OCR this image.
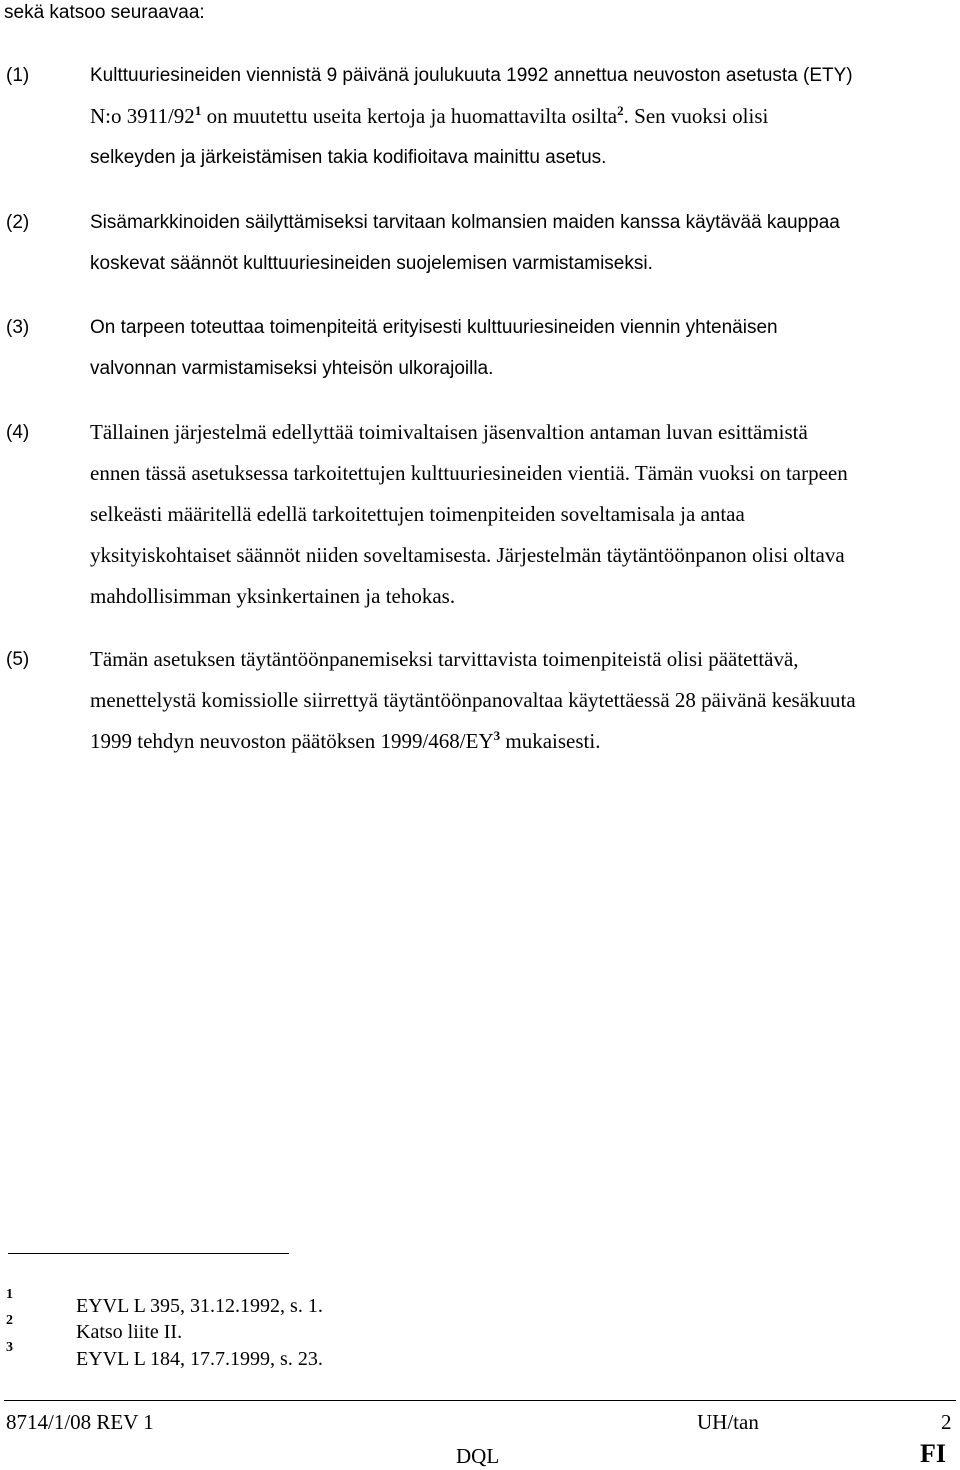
sekä katsoo seuraavaa:
(1)	Kulttuuriesineiden viennistä 9 päivänä joulukuuta 1992 annettua neuvoston asetusta (ETY)
N:o $3911/92^1$ on muutettu useita kertoja ja huomattavilta osilta$^2$. Sen vuoksi olisi
selkeyden ja järkeistämisen takia kodifioitava mainittu asetus.
(2)	Sisämarkkinoiden säilyttämiseksi tarvitaan kolmansien maiden kanssa käytävää kauppaa
koskevat säännöt kulttuuriesineiden suojelemisen varmistamiseksi.
(3)	On tarpeen toteuttaa toimenpiteitä erityisesti kulttuuriesineiden viennin yhtenäisen
valvonnan varmistamiseksi yhteisön ulkorajoilla.
(4)	Tällainen järjestelmä edellyttää toimivaltaisen jäsenvaltion antaman luvan esittämistä
ennen tässä asetuksessa tarkoitettujen kulttuuriesineiden vientiä. Tämän vuoksi on tarpeen
selkeästi määritellä edellä tarkoitettujen toimenpiteiden soveltamisala ja antaa
yksityiskohtaiset säännöt niiden soveltamisesta. Järjestelmän täytäntöönpanon olisi oltava
mahdollisimman yksinkertainen ja tehokas.
(5)	Tämän asetuksen täytäntöönpanemiseksi tarvittavista toimenpiteistä olisi päätettävä,
menettelystä komissiolle siirrettyä täytäntöönpanovaltaa käytettäessä 28 päivänä kesäkuuta
1999 tehdyn neuvoston päätöksen $1999/468/EY^3$ mukaisesti.
1
EYVL L 395, 31.12.1992, s. 1.
2
Katso liite II.
3
EYVL L 184, 17.7.1999, s. 23.
8714/1/08 REV 1	UH/tan	2
DQL	FI
